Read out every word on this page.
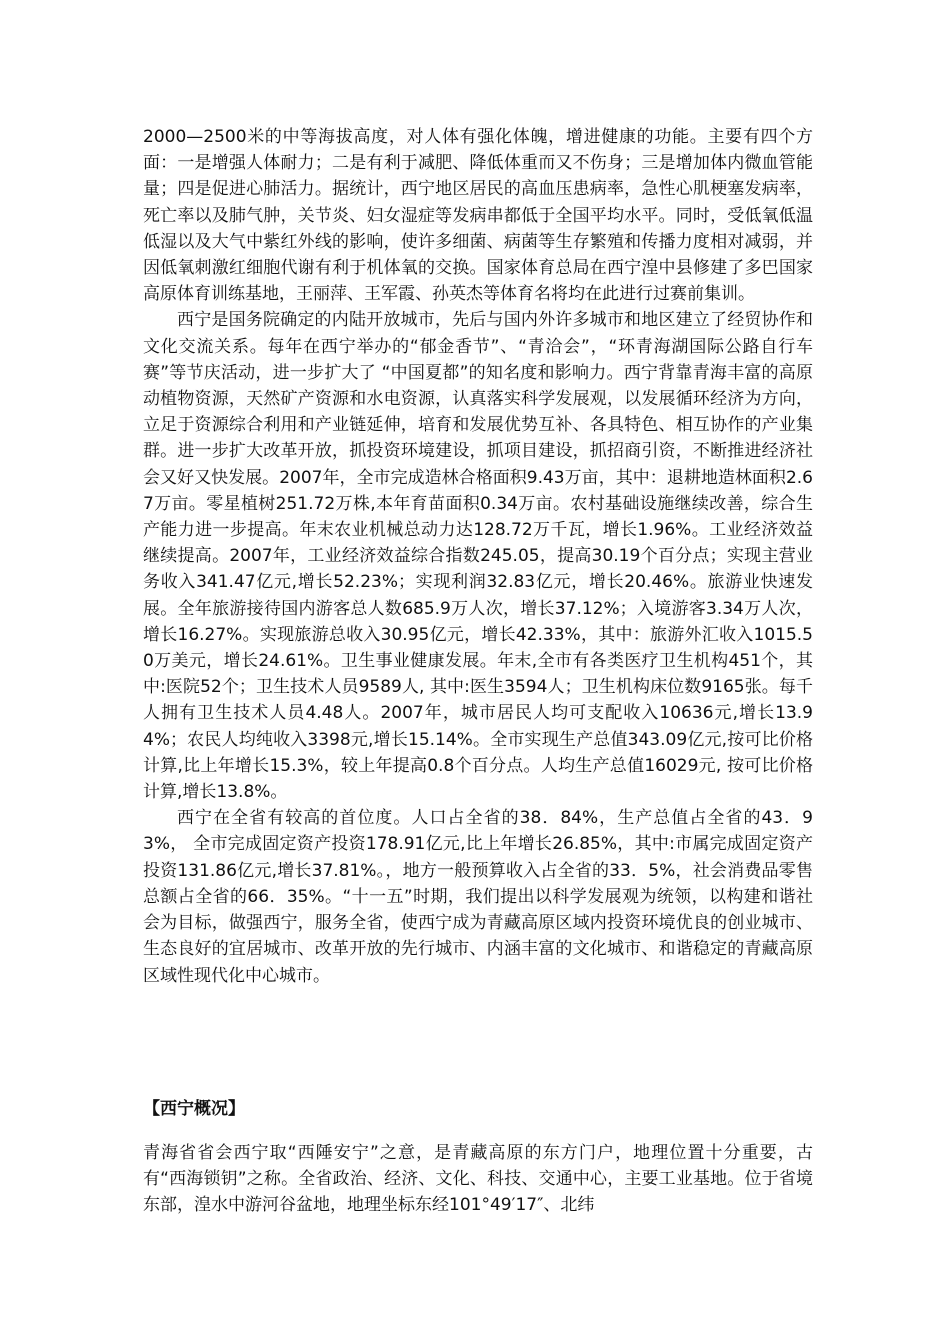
2000—2500米的中等海拔高度，对人体有强化体魄，增进健康的功能。主要有四个方面：一是增强人体耐力；二是有利于减肥、降低体重而又不伤身；三是增加体内微血管能量；四是促进心肺活力。据统计，西宁地区居民的高血压患病率，急性心肌梗塞发病率，死亡率以及肺气肿，关节炎、妇女湿症等发病串都低于全国平均水平。同时，受低氧低温低湿以及大气中紫红外线的影响，使许多细菌、病菌等生存繁殖和传播力度相对减弱，并因低氧刺激红细胞代谢有利于机体氧的交换。国家体育总局在西宁湟中县修建了多巴国家高原体育训练基地，王丽萍、王军霞、孙英杰等体育名将均在此进行过赛前集训。

西宁是国务院确定的内陆开放城市，先后与国内外许多城市和地区建立了经贸协作和文化交流关系。每年在西宁举办的“郁金香节”、“青洽会”，“环青海湖国际公路自行车赛”等节庆活动，进一步扩大了 “中国夏都”的知名度和影响力。西宁背靠青海丰富的高原动植物资源，天然矿产资源和水电资源，认真落实科学发展观，以发展循环经济为方向，立足于资源综合利用和产业链延伸，培育和发展优势互补、各具特色、相互协作的产业集群。进一步扩大改革开放，抓投资环境建设，抓项目建设，抓招商引资，不断推进经济社会又好又快发展。2007年，全市完成造林合格面积9.43万亩，其中：退耕地造林面积2.67万亩。零星植树251.72万株,本年育苗面积0.34万亩。农村基础设施继续改善，综合生产能力进一步提高。年末农业机械总动力达128.72万千瓦，增长1.96%。工业经济效益继续提高。2007年，工业经济效益综合指数245.05，提高30.19个百分点；实现主营业务收入341.47亿元,增长52.23%；实现利润32.83亿元，增长20.46%。旅游业快速发展。全年旅游接待国内游客总人数685.9万人次，增长37.12%；入境游客3.34万人次，增长16.27%。实现旅游总收入30.95亿元，增长42.33%，其中：旅游外汇收入1015.50万美元，增长24.61%。卫生事业健康发展。年末,全市有各类医疗卫生机构451个，其中:医院52个；卫生技术人员9589人, 其中:医生3594人；卫生机构床位数9165张。每千人拥有卫生技术人员4.48人。2007年，城市居民人均可支配收入10636元,增长13.94%；农民人均纯收入3398元,增长15.14%。全市实现生产总值343.09亿元,按可比价格计算,比上年增长15.3%，较上年提高0.8个百分点。人均生产总值16029元, 按可比价格计算,增长13.8%。

西宁在全省有较高的首位度。人口占全省的38．84%，生产总值占全省的43．93%， 全市完成固定资产投资178.91亿元,比上年增长26.85%，其中:市属完成固定资产投资131.86亿元,增长37.81%。，地方一般预算收入占全省的33．5%，社会消费品零售总额占全省的66．35%。“十一五”时期，我们提出以科学发展观为统领，以构建和谐社会为目标，做强西宁，服务全省，使西宁成为青藏高原区域内投资环境优良的创业城市、生态良好的宜居城市、改革开放的先行城市、内涵丰富的文化城市、和谐稳定的青藏高原区域性现代化中心城市。

【西宁概况】

青海省省会西宁取“西陲安宁”之意，是青藏高原的东方门户，地理位置十分重要，古有“西海锁钥”之称。全省政治、经济、文化、科技、交通中心，主要工业基地。位于省境东部，湟水中游河谷盆地，地理坐标东经101°49′17″、北纬
